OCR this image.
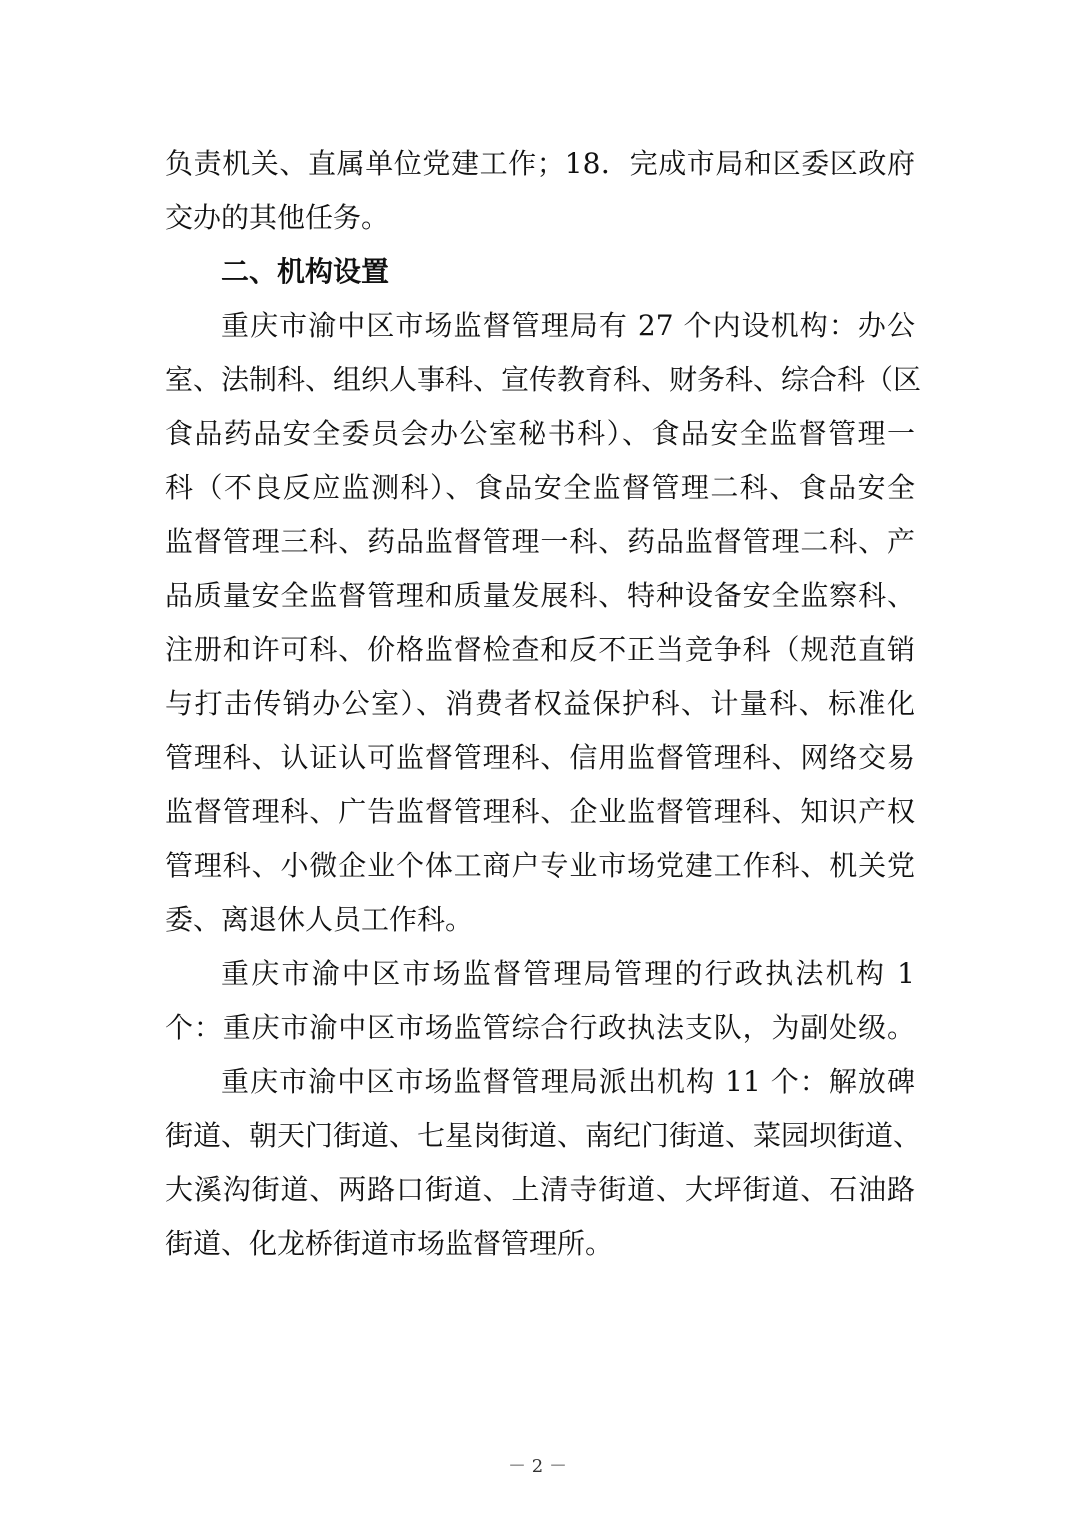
负责机关、直属单位党建工作；18．完成市局和区委区政府
交办的其他任务。
二、机构设置
重庆市渝中区市场监督管理局有 27 个内设机构：办公
室、法制科、组织人事科、宣传教育科、财务科、综合科（区
食品药品安全委员会办公室秘书科）、食品安全监督管理一
科（不良反应监测科）、食品安全监督管理二科、食品安全
监督管理三科、药品监督管理一科、药品监督管理二科、产
品质量安全监督管理和质量发展科、特种设备安全监察科、
注册和许可科、价格监督检查和反不正当竞争科（规范直销
与打击传销办公室）、消费者权益保护科、计量科、标准化
管理科、认证认可监督管理科、信用监督管理科、网络交易
监督管理科、广告监督管理科、企业监督管理科、知识产权
管理科、小微企业个体工商户专业市场党建工作科、机关党
委、离退休人员工作科。
重庆市渝中区市场监督管理局管理的行政执法机构 1
个：重庆市渝中区市场监管综合行政执法支队，为副处级。
重庆市渝中区市场监督管理局派出机构 11 个：解放碑
街道、朝天门街道、七星岗街道、南纪门街道、菜园坝街道、
大溪沟街道、两路口街道、上清寺街道、大坪街道、石油路
街道、化龙桥街道市场监督管理所。
－ 2 －
